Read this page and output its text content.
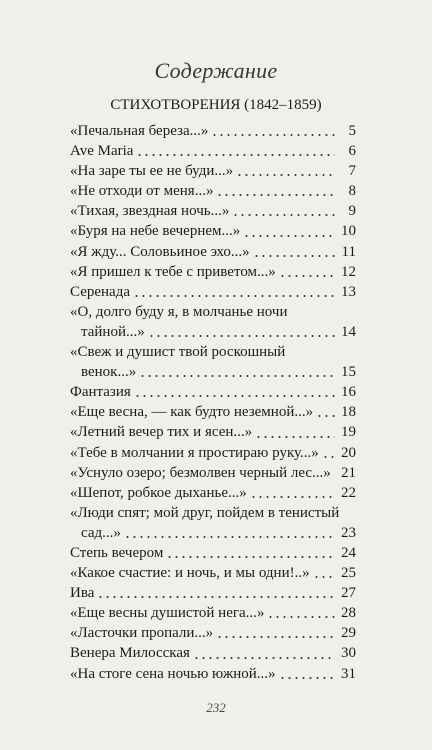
Содержание
СТИХОТВОРЕНИЯ (1842–1859)
«Печальная береза...»	5
Ave Maria	6
«На заре ты ее не буди...»	7
«Не отходи от меня...»	8
«Тихая, звездная ночь...»	9
«Буря на небе вечернем...»	10
«Я жду... Соловьиное эхо...»	11
«Я пришел к тебе с приветом...»	12
Серенада	13
«О, долго буду я, в молчанье ночи
тайной...»	14
«Свеж и душист твой роскошный
венок...»	15
Фантазия	16
«Еще весна, — как будто неземной...» 18
«Летний вечер тих и ясен...»	19
«Тебе в молчании я простираю руку...» 20
«Уснуло озеро; безмолвен черный лес...» 21
«Шепот, робкое дыханье...»	22
«Люди спят; мой друг, пойдем в тенистый
сад...»	23
Степь вечером	24
«Какое счастие: и ночь, и мы одни!..» 25
Ива	27
«Еще весны душистой нега...»	28
«Ласточки пропали...»	29
Венера Милосская	30
«На стоге сена ночью южной...»	31
232
